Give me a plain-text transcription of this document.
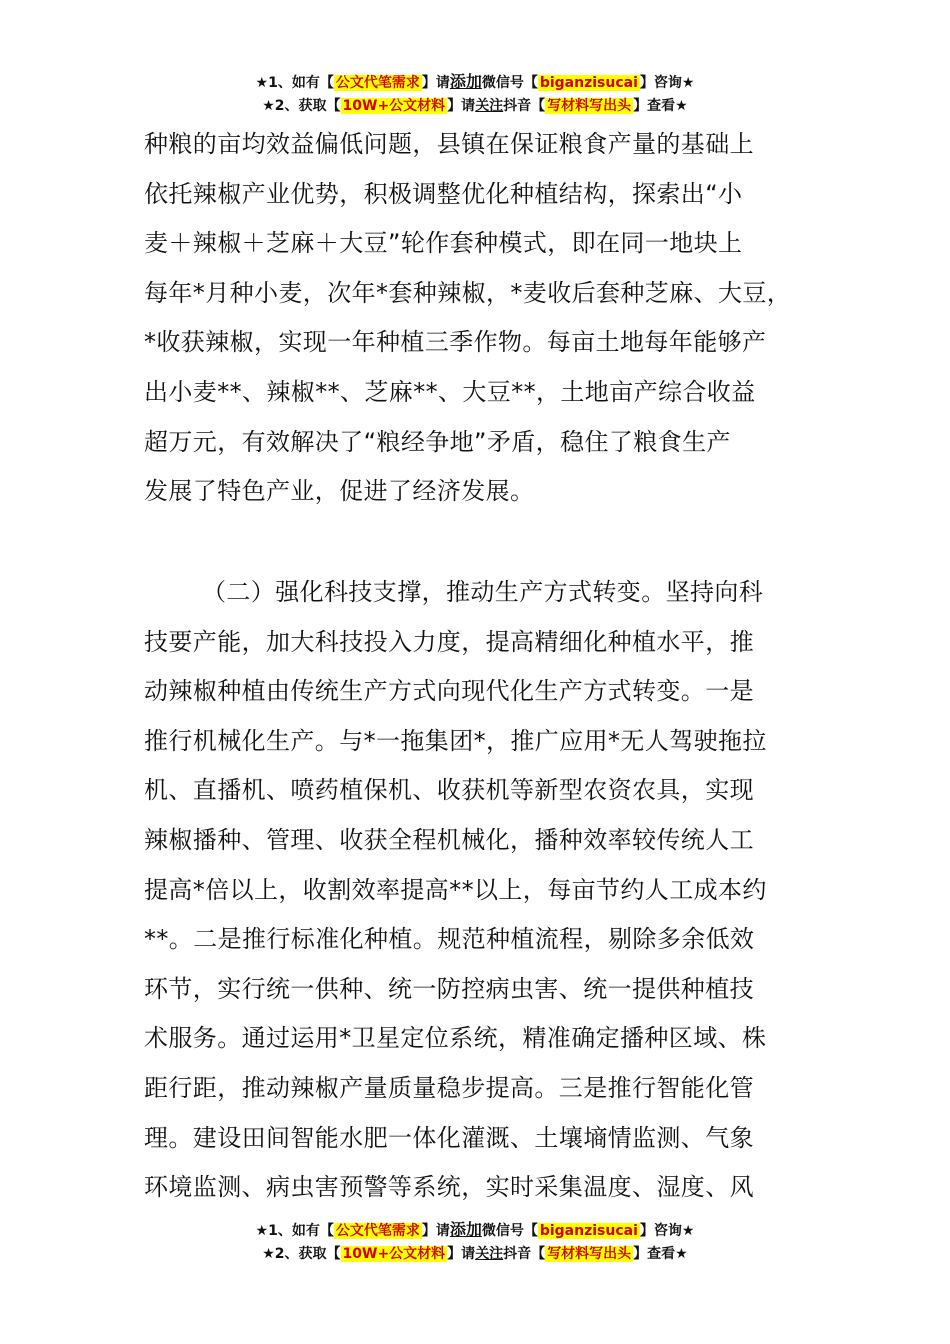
★1、如有【 公文代笔需求 】请添加微信号【 biganzisucai 】咨询★
★2、获取【 10W+公文材料 】请关注抖音【 写材料写出头 】查看★
种粮的亩均效益偏低问题，县镇在保证粮食产量的基础上
依托辣椒产业优势，积极调整优化种植结构，探索出“小
麦＋辣椒＋芝麻＋大豆”轮作套种模式，即在同一地块上
每年*月种小麦，次年*套种辣椒，*麦收后套种芝麻、大豆，
*收获辣椒，实现一年种植三季作物。每亩土地每年能够产
出小麦**、辣椒**、芝麻**、大豆**，土地亩产综合收益
超万元，有效解决了“粮经争地”矛盾，稳住了粮食生产
发展了特色产业，促进了经济发展。
（二）强化科技支撑，推动生产方式转变。坚持向科
技要产能，加大科技投入力度，提高精细化种植水平，推
动辣椒种植由传统生产方式向现代化生产方式转变。一是
推行机械化生产。与*一拖集团*，推广应用*无人驾驶拖拉
机、直播机、喷药植保机、收获机等新型农资农具，实现
辣椒播种、管理、收获全程机械化，播种效率较传统人工
提高*倍以上，收割效率提高**以上，每亩节约人工成本约
**。二是推行标准化种植。规范种植流程，剔除多余低效
环节，实行统一供种、统一防控病虫害、统一提供种植技
术服务。通过运用*卫星定位系统，精准确定播种区域、株
距行距，推动辣椒产量质量稳步提高。三是推行智能化管
理。建设田间智能水肥一体化灌溉、土壤墒情监测、气象
环境监测、病虫害预警等系统，实时采集温度、湿度、风
★1、如有【 公文代笔需求 】请添加微信号【 biganzisucai 】咨询★
★2、获取【 10W+公文材料 】请关注抖音【 写材料写出头 】查看★
